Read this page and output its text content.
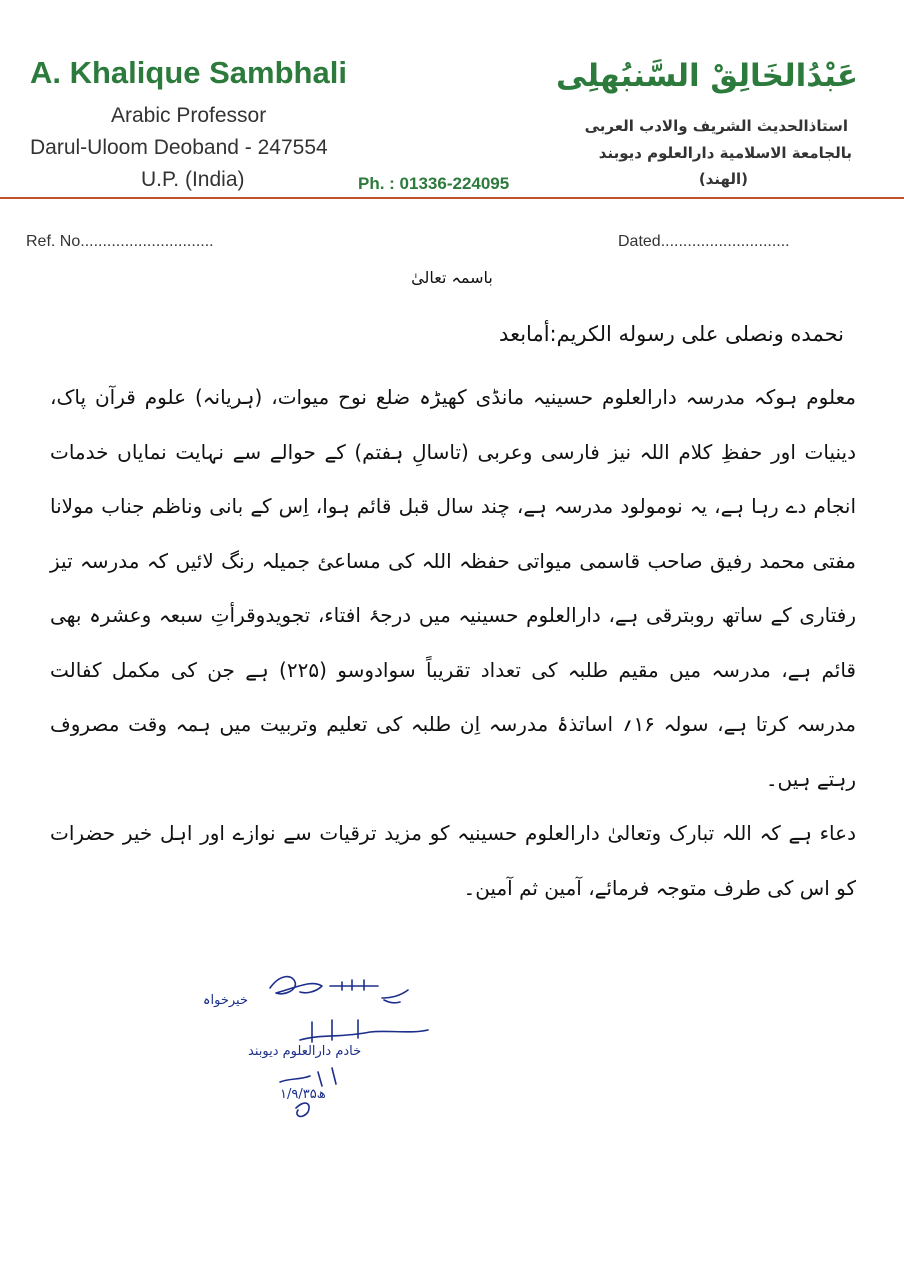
A. Khalique Sambhali
Arabic Professor
Darul-Uloom Deoband - 247554
U.P. (India)	Ph. : 01336-224095
عَبْدُالخَالِقْ السَّنبُهلِى
استاذالحديث الشريف والادب العربى
بالجامعة الاسلامية دارالعلوم ديوبند
(الهند)
Ref. No..............................	Dated.............................
باسمہ تعالیٰ
نحمده ونصلی علی رسوله الکریم:أمابعد

معلوم ہوکہ مدرسہ دارالعلوم حسینیہ مانڈی کھیڑہ ضلع نوح میوات، (ہریانہ) علوم قرآن پاک، دینیات اور حفظِ کلام اللہ نیز فارسی وعربی (تاسالِ ہفتم) کے حوالے سے نہایت نمایاں خدمات انجام دے رہا ہے، یہ نومولود مدرسہ ہے، چند سال قبل قائم ہوا، اِس کے بانی وناظم جناب مولانا مفتی محمد رفیق صاحب قاسمی میواتی حفظہ اللہ کی مساعئ جمیلہ رنگ لائیں کہ مدرسہ تیز رفتاری کے ساتھ روبترقی ہے، دارالعلوم حسینیہ میں درجۂ افتاء، تجویدوقرأتِ سبعہ وعشرہ بھی قائم ہے، مدرسہ میں مقیم طلبہ کی تعداد تقریباً سوادوسو (۲۲۵) ہے جن کی مکمل کفالت مدرسہ کرتا ہے، سولہ ۱۶؍ اساتذۂ مدرسہ اِن طلبہ کی تعلیم وتربیت میں ہمہ وقت مصروف رہتے ہیں۔

دعاء ہے کہ اللہ تبارک وتعالیٰ دارالعلوم حسینیہ کو مزید ترقیات سے نوازے اور اہل خیر حضرات کو اس کی طرف متوجہ فرمائے، آمین ثم آمین۔

خیرخواہ
خادم دارالعلوم دیوبند
۱/۹/۳۵ھ
